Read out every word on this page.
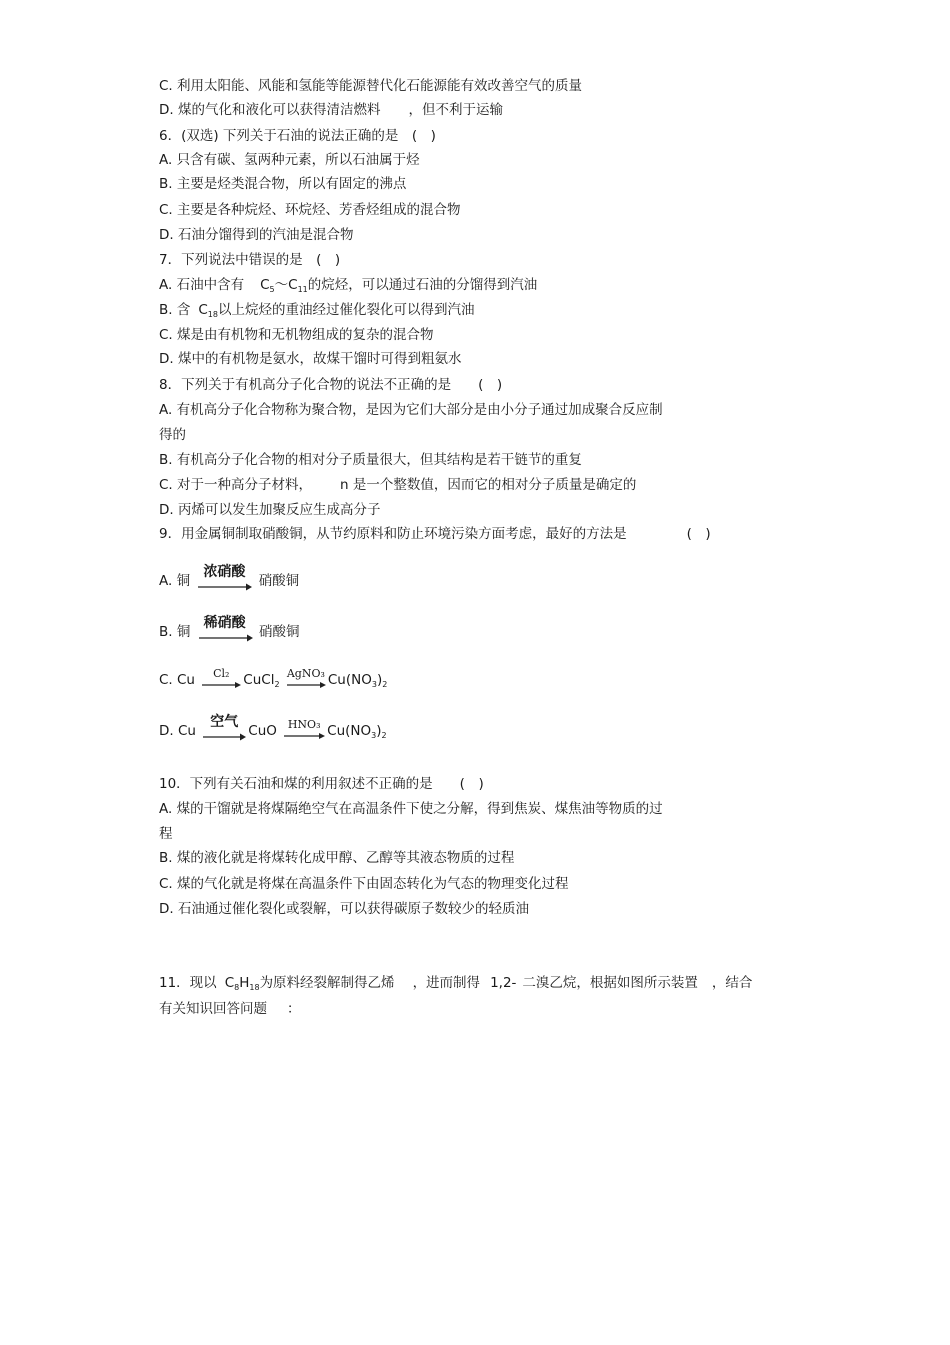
C. 利用太阳能、风能和氢能等能源替代化石能源能有效改善空气的质量
D. 煤的气化和液化可以获得清洁燃料 ，但不利于运输
6．(双选) 下列关于石油的说法正确的是　(　)
A. 只含有碳、氢两种元素，所以石油属于烃
B. 主要是烃类混合物，所以有固定的沸点
C. 主要是各种烷烃、环烷烃、芳香烃组成的混合物
D. 石油分馏得到的汽油是混合物
7．下列说法中错误的是　(　)
A. 石油中含有 $C_5\sim C_{11}$的烷烃，可以通过石油的分馏得到汽油
B. 含 $C_{18}$以上烷烃的重油经过催化裂化可以得到汽油
C. 煤是由有机物和无机物组成的复杂的混合物
D. 煤中的有机物是氨水，故煤干馏时可得到粗氨水
8．下列关于有机高分子化合物的说法不正确的是　　(　)
A. 有机高分子化合物称为聚合物，是因为它们大部分是由小分子通过加成聚合反应制
得的
B. 有机高分子化合物的相对分子质量很大，但其结构是若干链节的重复
C. 对于一种高分子材料， n 是一个整数值，因而它的相对分子质量是确定的
D. 丙烯可以发生加聚反应生成高分子
9．用金属铜制取硝酸铜，从节约原料和防止环境污染方面考虑，最好的方法是	(　)
A. 铜
浓硝酸
硝酸铜
B. 铜
稀硝酸
硝酸铜
C. Cu	Cl₂	CuCl$_2$
AgNO₃ $Cu(NO_3)_2$
D. Cu
空气
CuO HNO₃ $Cu(NO_3)_2$
10．下列有关石油和煤的利用叙述不正确的是　　(　)
A. 煤的干馏就是将煤隔绝空气在高温条件下使之分解，得到焦炭、煤焦油等物质的过
程
B. 煤的液化就是将煤转化成甲醇、乙醇等其液态物质的过程
C. 煤的气化就是将煤在高温条件下由固态转化为气态的物理变化过程
D. 石油通过催化裂化或裂解，可以获得碳原子数较少的轻质油
11．现以 $C_8H_{18}$为原料经裂解制得乙烯 ，进而制得 1,2- 二溴乙烷，根据如图所示装置 ，结合
有关知识回答问题 ：
